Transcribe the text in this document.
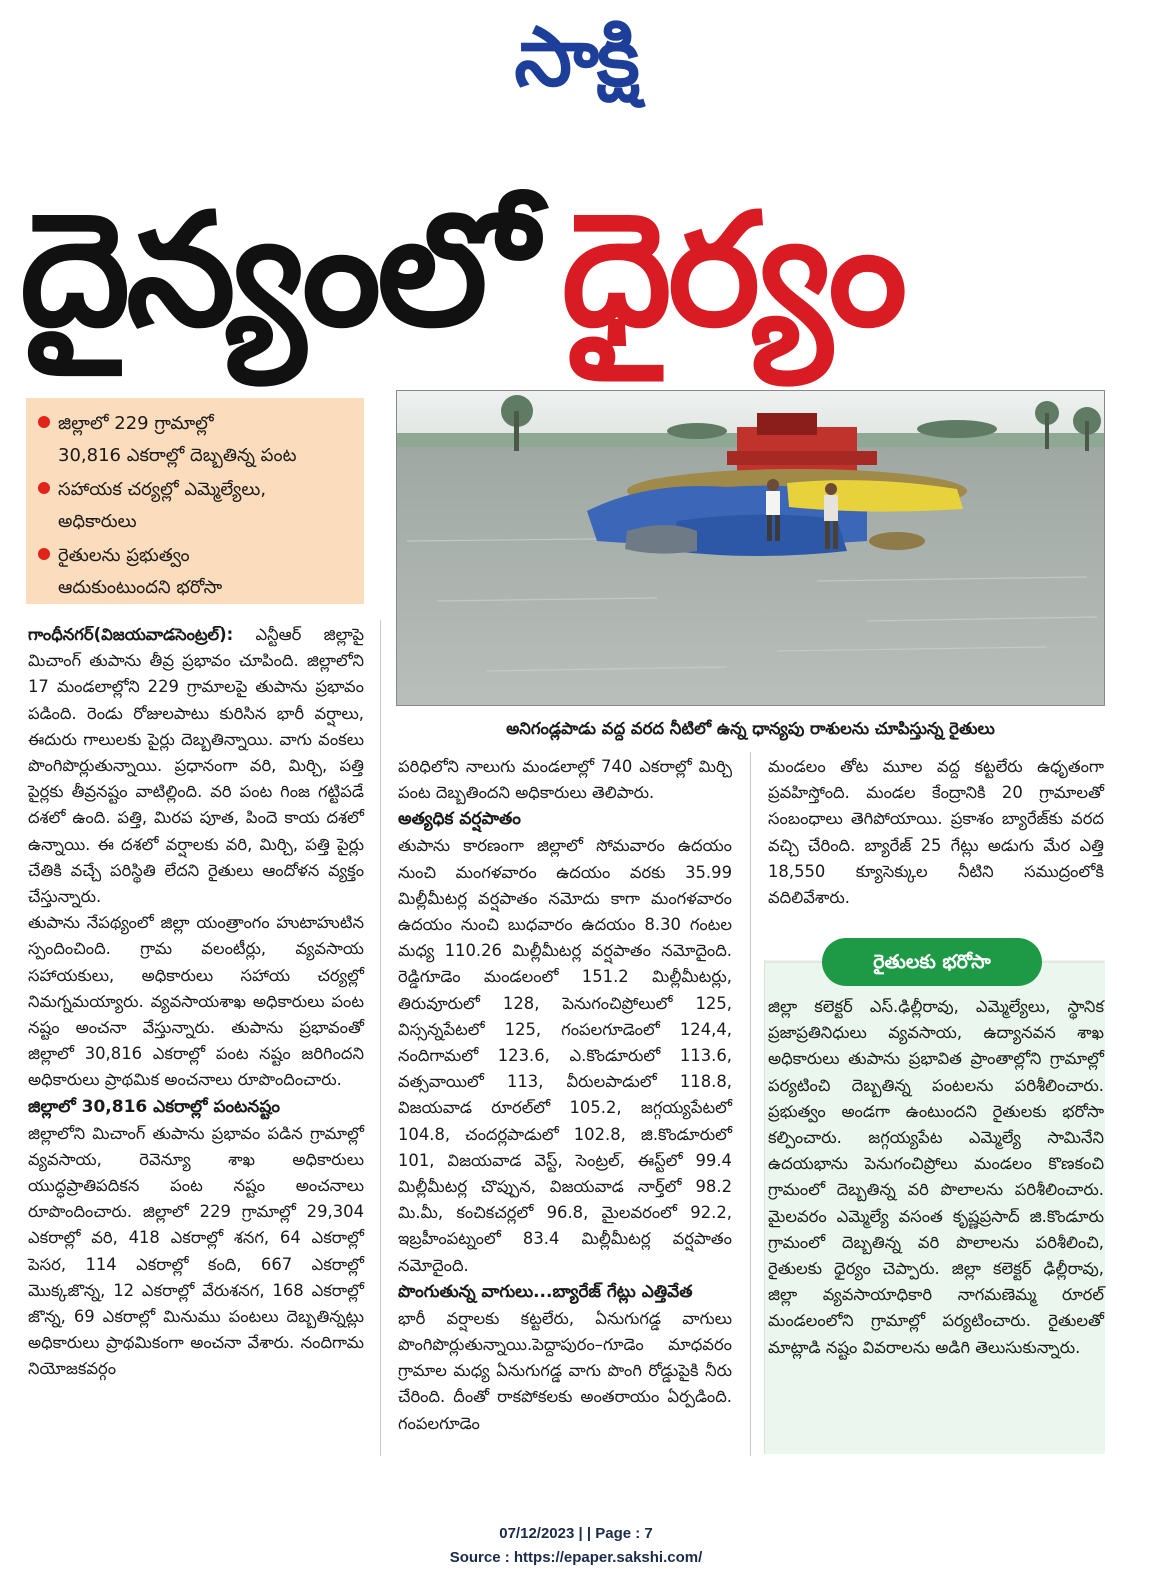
సాక్షి
దైన్యంలో ధైర్యం
జిల్లాలో 229 గ్రామాల్లో
30,816 ఎకరాల్లో దెబ్బతిన్న పంట
సహాయక చర్యల్లో ఎమ్మెల్యేలు,
అధికారులు
రైతులను ప్రభుత్వం
ఆదుకుంటుందని భరోసా
అనిగండ్లపాడు వద్ద వరద నీటిలో ఉన్న ధాన్యపు రాశులను చూపిస్తున్న రైతులు

గాంధీనగర్(విజయవాడసెంట్రల్): ఎన్టీఆర్ జిల్లాపై మిచాంగ్ తుపాను తీవ్ర ప్రభావం చూపింది. జిల్లాలోని 17 మండలాల్లోని 229 గ్రామాలపై తుపాను ప్రభావం పడింది. రెండు రోజులపాటు కురిసిన భారీ వర్షాలు, ఈదురు గాలులకు పైర్లు దెబ్బతిన్నాయి. వాగు వంకలు పొంగిపొర్లుతున్నాయి. ప్రధానంగా వరి, మిర్చి, పత్తి పైర్లకు తీవ్రనష్టం వాటిల్లింది. వరి పంట గింజ గట్టిపడే దశలో ఉంది. పత్తి, మిరప పూత, పిందె కాయ దశలో ఉన్నాయి. ఈ దశలో వర్షాలకు వరి, మిర్చి, పత్తి పైర్లు చేతికి వచ్చే పరిస్థితి లేదని రైతులు ఆందోళన వ్యక్తం చేస్తున్నారు.

తుపాను నేపథ్యంలో జిల్లా యంత్రాంగం హుటాహుటిన స్పందించింది. గ్రామ వలంటీర్లు, వ్యవసాయ సహాయకులు, అధికారులు సహాయ చర్యల్లో నిమగ్నమయ్యారు. వ్యవసాయశాఖ అధికారులు పంట నష్టం అంచనా వేస్తున్నారు. తుపాను ప్రభావంతో జిల్లాలో 30,816 ఎకరాల్లో పంట నష్టం జరిగిందని అధికారులు ప్రాథమిక అంచనాలు రూపొందించారు.

జిల్లాలో 30,816 ఎకరాల్లో పంటనష్టం

జిల్లాలోని మిచాంగ్ తుపాను ప్రభావం పడిన గ్రామాల్లో వ్యవసాయ, రెవెన్యూ శాఖ అధికారులు యుద్ధప్రాతిపదికన పంట నష్టం అంచనాలు రూపొందించారు. జిల్లాలో 229 గ్రామాల్లో 29,304 ఎకరాల్లో వరి, 418 ఎకరాల్లో శనగ, 64 ఎకరాల్లో పెసర, 114 ఎకరాల్లో కంది, 667 ఎకరాల్లో మొక్కజొన్న, 12 ఎకరాల్లో వేరుశనగ, 168 ఎకరాల్లో జొన్న, 69 ఎకరాల్లో మినుము పంటలు దెబ్బతిన్నట్లు అధికారులు ప్రాథమికంగా అంచనా వేశారు. నందిగామ నియోజకవర్గం

పరిధిలోని నాలుగు మండలాల్లో 740 ఎకరాల్లో మిర్చి పంట దెబ్బతిందని అధికారులు తెలిపారు.

అత్యధిక వర్షపాతం

తుపాను కారణంగా జిల్లాలో సోమవారం ఉదయం నుంచి మంగళవారం ఉదయం వరకు 35.99 మిల్లీమీటర్ల వర్షపాతం నమోదు కాగా మంగళవారం ఉదయం నుంచి బుధవారం ఉదయం 8.30 గంటల మధ్య 110.26 మిల్లీమీటర్ల వర్షపాతం నమోదైంది. రెడ్డిగూడెం మండలంలో 151.2 మిల్లీమీటర్లు, తిరువూరులో 128, పెనుగంచిప్రోలులో 125, విస్సన్నపేటలో 125, గంపలగూడెంలో 124,4, నందిగామలో 123.6, ఎ.కొండూరులో 113.6, వత్సవాయిలో 113, వీరులపాడులో 118.8, విజయవాడ రూరల్‌లో 105.2, జగ్గయ్యపేటలో 104.8, చందర్లపాడులో 102.8, జి.కొండూరులో 101, విజయవాడ వెస్ట్, సెంట్రల్, ఈస్ట్‌లో 99.4 మిల్లీమీటర్ల చొప్పున, విజయవాడ నార్త్‌లో 98.2 మి.మీ, కంచికచర్లలో 96.8, మైలవరంలో 92.2, ఇబ్రహీంపట్నంలో 83.4 మిల్లీమీటర్ల వర్షపాతం నమోదైంది.

పొంగుతున్న వాగులు...బ్యారేజ్ గేట్లు ఎత్తివేత

భారీ వర్షాలకు కట్టలేరు, ఏనుగుగడ్డ వాగులు పొంగిపొర్లుతున్నాయి.పెద్దాపురం–గూడెం మాధవరం గ్రామాల మధ్య ఏనుగుగడ్డ వాగు పొంగి రోడ్డుపైకి నీరు చేరింది. దీంతో రాకపోకలకు అంతరాయం ఏర్పడింది. గంపలగూడెం

మండలం తోట మూల వద్ద కట్టలేరు ఉధృతంగా ప్రవహిస్తోంది. మండల కేంద్రానికి 20 గ్రామాలతో సంబంధాలు తెగిపోయాయి. ప్రకాశం బ్యారేజ్‌కు వరద వచ్చి చేరింది. బ్యారేజ్ 25 గేట్లు అడుగు మేర ఎత్తి 18,550 క్యూసెక్కుల నీటిని సముద్రంలోకి వదిలివేశారు.

రైతులకు భరోసా

జిల్లా కలెక్టర్ ఎస్.ఢిల్లీరావు, ఎమ్మెల్యేలు, స్థానిక ప్రజాప్రతినిధులు వ్యవసాయ, ఉద్యానవన శాఖ అధికారులు తుపాను ప్రభావిత ప్రాంతాల్లోని గ్రామాల్లో పర్యటించి దెబ్బతిన్న పంటలను పరిశీలించారు. ప్రభుత్వం అండగా ఉంటుందని రైతులకు భరోసా కల్పించారు. జగ్గయ్యపేట ఎమ్మెల్యే సామినేని ఉదయభాను పెనుగంచిప్రోలు మండలం కొణకంచి గ్రామంలో దెబ్బతిన్న వరి పొలాలను పరిశీలించారు. మైలవరం ఎమ్మెల్యే వసంత కృష్ణప్రసాద్ జి.కొండూరు గ్రామంలో దెబ్బతిన్న వరి పొలాలను పరిశీలించి, రైతులకు ధైర్యం చెప్పారు. జిల్లా కలెక్టర్ ఢిల్లీరావు, జిల్లా వ్యవసాయాధికారి నాగమణెమ్మ రూరల్ మండలంలోని గ్రామాల్లో పర్యటించారు. రైతులతో మాట్లాడి నష్టం వివరాలను అడిగి తెలుసుకున్నారు.

07/12/2023 | | Page : 7
Source : https://epaper.sakshi.com/
